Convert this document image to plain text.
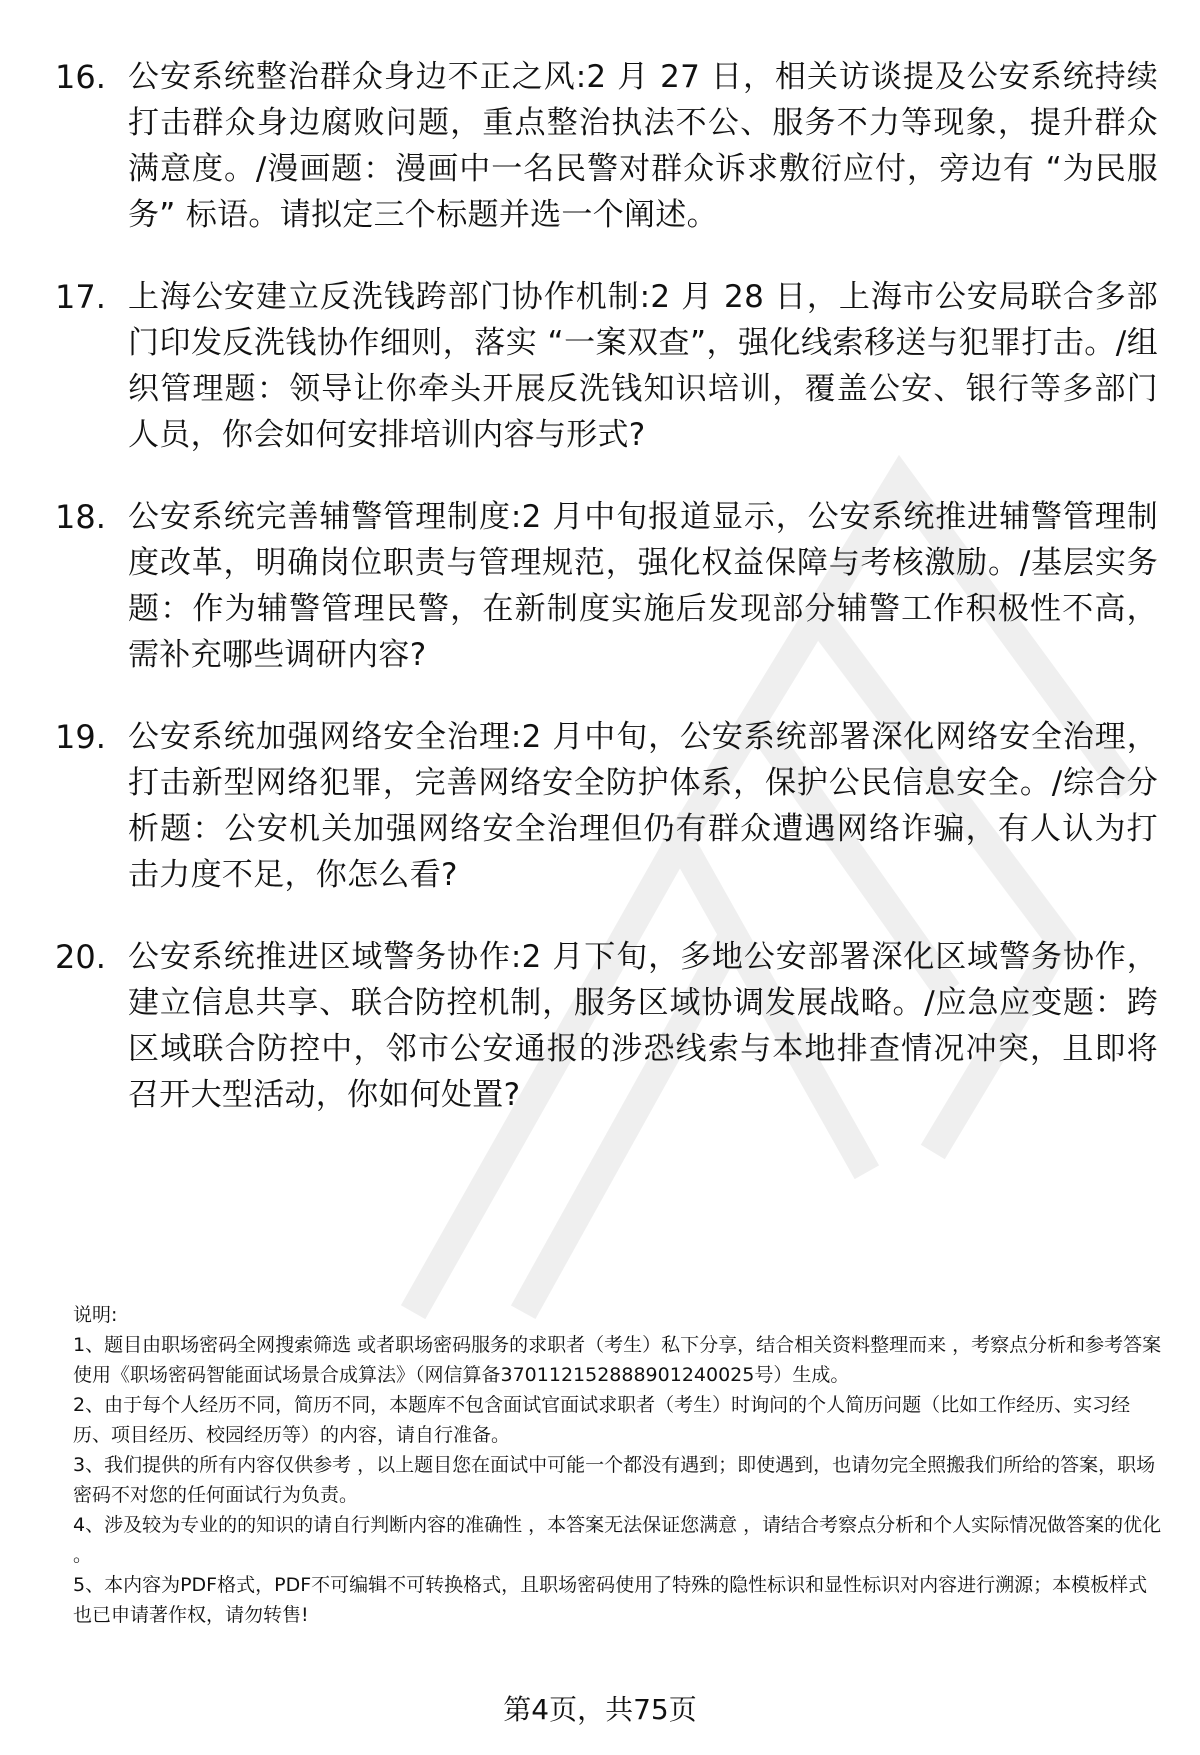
16. 公安系统整治群众身边不正之风:2 月 27 日，相关访谈提及公安系统持续打击群众身边腐败问题，重点整治执法不公、服务不力等现象，提升群众满意度。/漫画题：漫画中一名民警对群众诉求敷衍应付，旁边有 “为民服务” 标语。请拟定三个标题并选一个阐述。
17. 上海公安建立反洗钱跨部门协作机制:2 月 28 日，上海市公安局联合多部门印发反洗钱协作细则，落实 “一案双查”，强化线索移送与犯罪打击。/组织管理题：领导让你牵头开展反洗钱知识培训，覆盖公安、银行等多部门人员，你会如何安排培训内容与形式?
18. 公安系统完善辅警管理制度:2 月中旬报道显示，公安系统推进辅警管理制度改革，明确岗位职责与管理规范，强化权益保障与考核激励。/基层实务题：作为辅警管理民警，在新制度实施后发现部分辅警工作积极性不高，需补充哪些调研内容?
19. 公安系统加强网络安全治理:2 月中旬，公安系统部署深化网络安全治理，打击新型网络犯罪，完善网络安全防护体系，保护公民信息安全。/综合分析题：公安机关加强网络安全治理但仍有群众遭遇网络诈骗，有人认为打击力度不足，你怎么看?
20. 公安系统推进区域警务协作:2 月下旬，多地公安部署深化区域警务协作，建立信息共享、联合防控机制，服务区域协调发展战略。/应急应变题：跨区域联合防控中，邻市公安通报的涉恐线索与本地排查情况冲突，且即将召开大型活动，你如何处置?

说明:

1、题目由职场密码全网搜索筛选 或者职场密码服务的求职者（考生）私下分享，结合相关资料整理而来 ，考察点分析和参考答案使用《职场密码智能面试场景合成算法》（网信算备370112152888901240025号）生成。

2、由于每个人经历不同，简历不同，本题库不包含面试官面试求职者（考生）时询问的个人简历问题（比如工作经历、实习经历、项目经历、校园经历等）的内容，请自行准备。

3、我们提供的所有内容仅供参考 ，以上题目您在面试中可能一个都没有遇到；即使遇到，也请勿完全照搬我们所给的答案，职场密码不对您的任何面试行为负责。

4、涉及较为专业的的知识的请自行判断内容的准确性 ，本答案无法保证您满意 ，请结合考察点分析和个人实际情况做答案的优化 。

5、本内容为PDF格式，PDF不可编辑不可转换格式，且职场密码使用了特殊的隐性标识和显性标识对内容进行溯源；本模板样式也已申请著作权，请勿转售!

第4页，共75页
